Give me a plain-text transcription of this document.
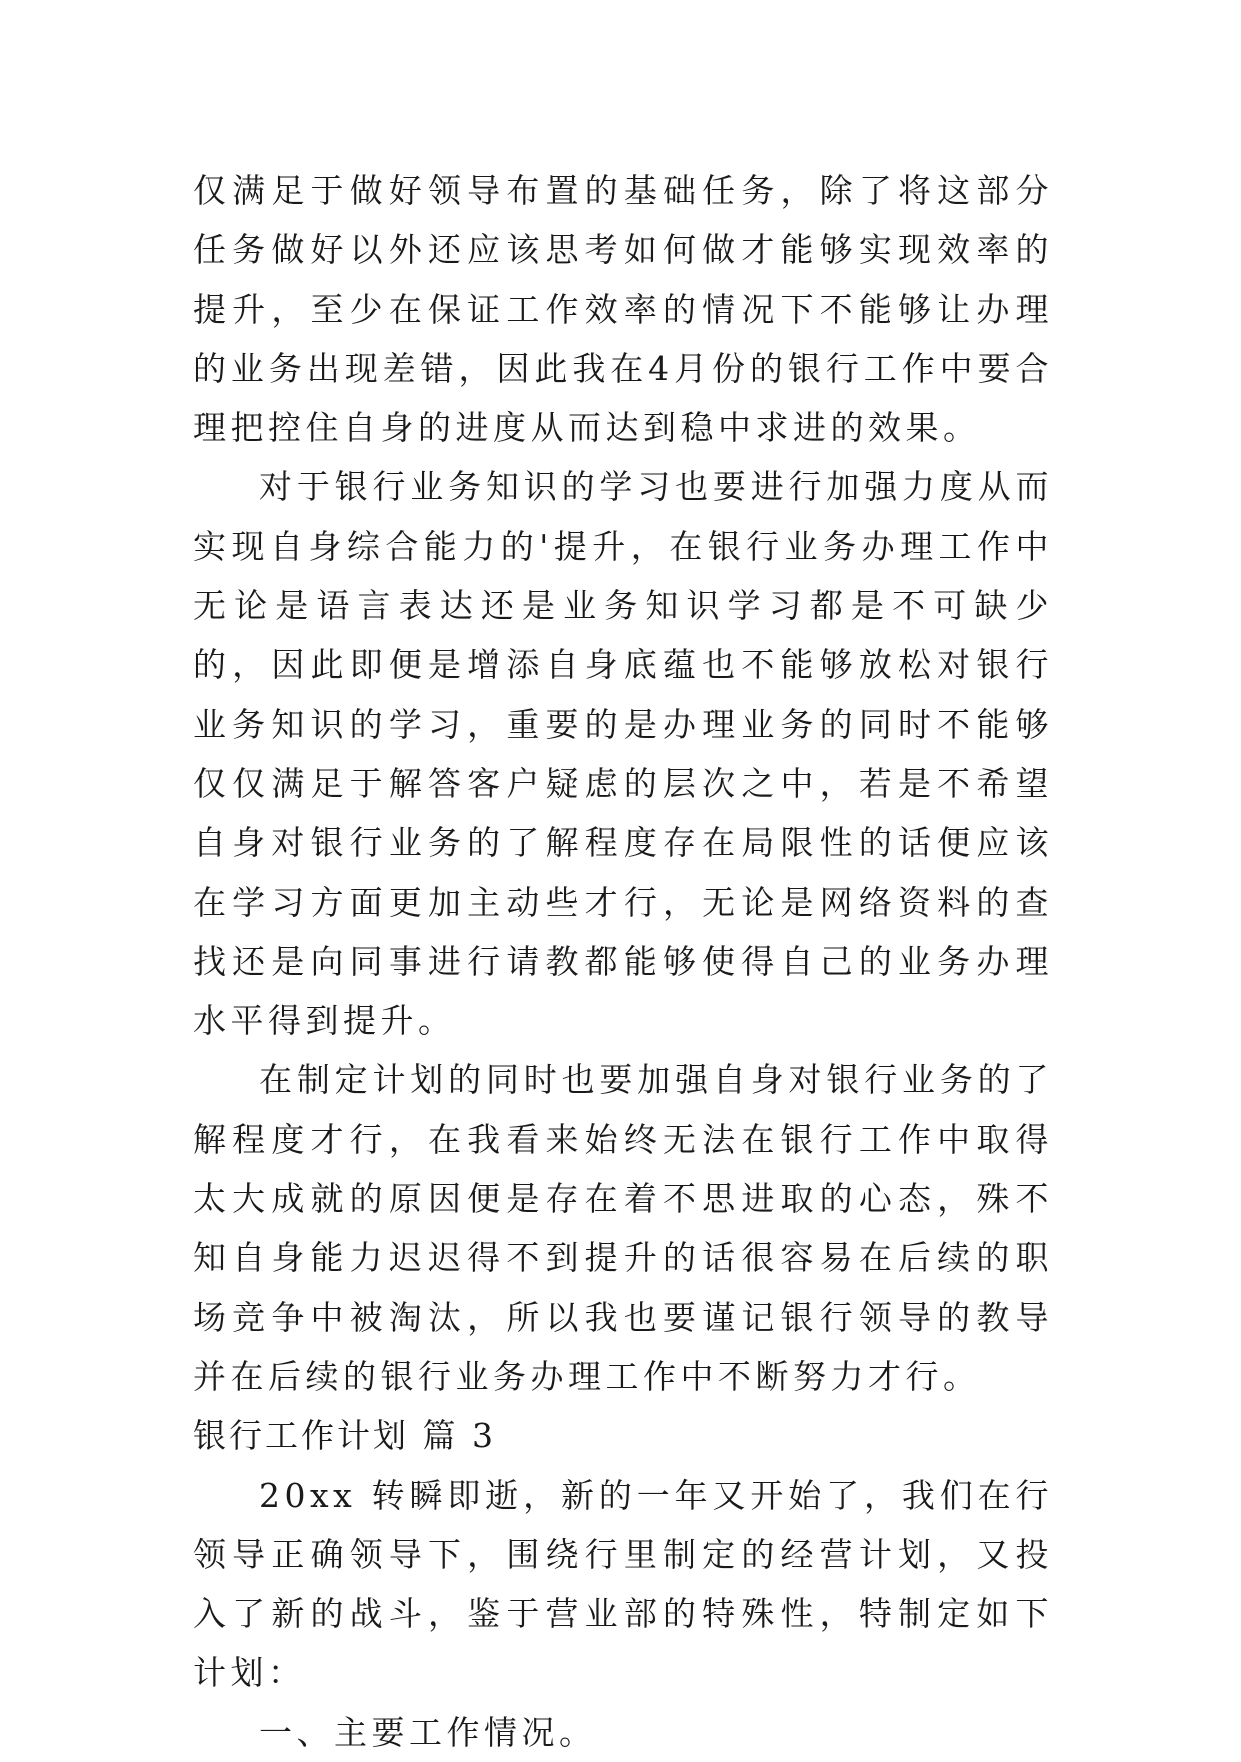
仅满足于做好领导布置的基础任务，除了将这部分任务做好以外还应该思考如何做才能够实现效率的提升，至少在保证工作效率的情况下不能够让办理的业务出现差错，因此我在4月份的银行工作中要合理把控住自身的进度从而达到稳中求进的效果。

对于银行业务知识的学习也要进行加强力度从而实现自身综合能力的'提升，在银行业务办理工作中无论是语言表达还是业务知识学习都是不可缺少的，因此即便是增添自身底蕴也不能够放松对银行业务知识的学习，重要的是办理业务的同时不能够仅仅满足于解答客户疑虑的层次之中，若是不希望自身对银行业务的了解程度存在局限性的话便应该在学习方面更加主动些才行，无论是网络资料的查找还是向同事进行请教都能够使得自己的业务办理水平得到提升。

在制定计划的同时也要加强自身对银行业务的了解程度才行，在我看来始终无法在银行工作中取得太大成就的原因便是存在着不思进取的心态，殊不知自身能力迟迟得不到提升的话很容易在后续的职场竞争中被淘汰，所以我也要谨记银行领导的教导并在后续的银行业务办理工作中不断努力才行。

银行工作计划 篇 3

20xx 转瞬即逝，新的一年又开始了，我们在行领导正确领导下，围绕行里制定的经营计划，又投入了新的战斗，鉴于营业部的特殊性，特制定如下计划：

一、主要工作情况。
